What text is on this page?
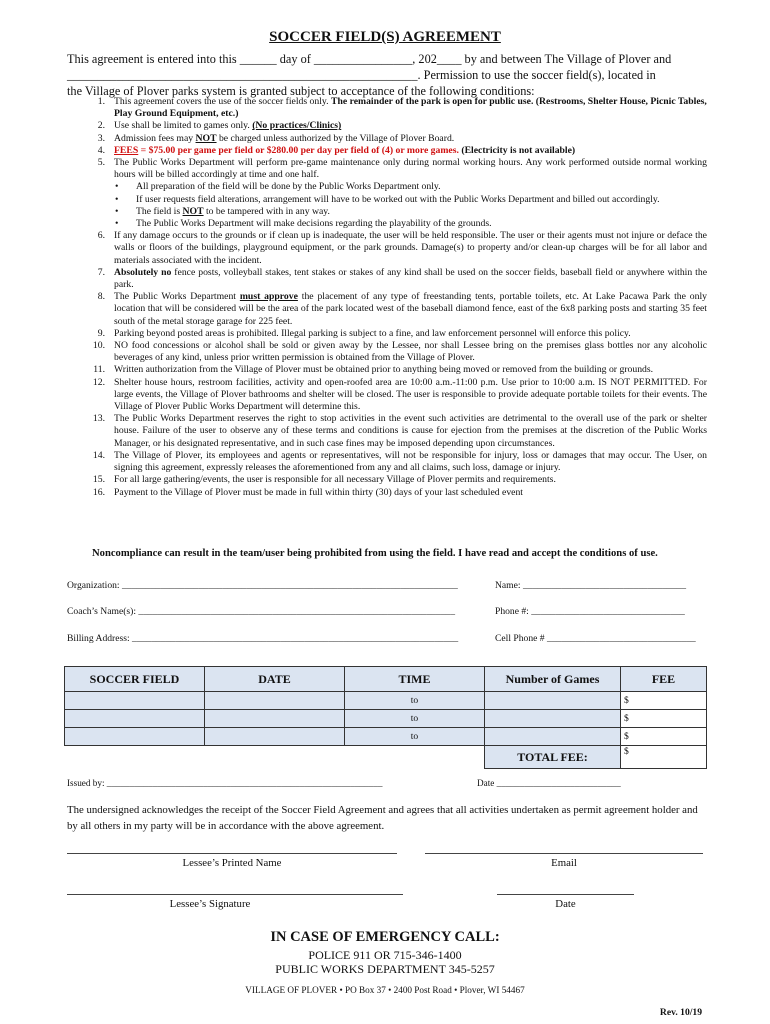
SOCCER FIELD(S) AGREEMENT
This agreement is entered into this ______ day of ________________, 202____ by and between The Village of Plover and
_________________________________________________________. Permission to use the soccer field(s), located in
the Village of Plover parks system is granted subject to acceptance of the following conditions:
1. This agreement covers the use of the soccer fields only. The remainder of the park is open for public use. (Restrooms, Shelter House, Picnic Tables, Play Ground Equipment, etc.)
2. Use shall be limited to games only. (No practices/Clinics)
3. Admission fees may NOT be charged unless authorized by the Village of Plover Board.
4. FEES = $75.00 per game per field or $280.00 per day per field of (4) or more games. (Electricity is not available)
5. The Public Works Department will perform pre-game maintenance only during normal working hours. Any work performed outside normal working hours will be billed accordingly at time and one half.
• All preparation of the field will be done by the Public Works Department only.
• If user requests field alterations, arrangement will have to be worked out with the Public Works Department and billed out accordingly.
• The field is NOT to be tampered with in any way.
• The Public Works Department will make decisions regarding the playability of the grounds.
6. If any damage occurs to the grounds or if clean up is inadequate, the user will be held responsible. The user or their agents must not injure or deface the walls or floors of the buildings, playground equipment, or the park grounds. Damage(s) to property and/or clean-up charges will be for all labor and materials associated with the incident.
7. Absolutely no fence posts, volleyball stakes, tent stakes or stakes of any kind shall be used on the soccer fields, baseball field or anywhere within the park.
8. The Public Works Department must approve the placement of any type of freestanding tents, portable toilets, etc. At Lake Pacawa Park the only location that will be considered will be the area of the park located west of the baseball diamond fence, east of the 6x8 parking posts and starting 35 feet south of the metal storage garage for 225 feet.
9. Parking beyond posted areas is prohibited. Illegal parking is subject to a fine, and law enforcement personnel will enforce this policy.
10. NO food concessions or alcohol shall be sold or given away by the Lessee, nor shall Lessee bring on the premises glass bottles nor any alcoholic beverages of any kind, unless prior written permission is obtained from the Village of Plover.
11. Written authorization from the Village of Plover must be obtained prior to anything being moved or removed from the building or grounds.
12. Shelter house hours, restroom facilities, activity and open-roofed area are 10:00 a.m.-11:00 p.m. Use prior to 10:00 a.m. IS NOT PERMITTED. For large events, the Village of Plover bathrooms and shelter will be closed. The user is responsible to provide adequate portable toilets for their events. The Village of Plover Public Works Department will determine this.
13. The Public Works Department reserves the right to stop activities in the event such activities are detrimental to the overall use of the park or shelter house. Failure of the user to observe any of these terms and conditions is cause for ejection from the premises at the discretion of the Public Works Manager, or his designated representative, and in such case fines may be imposed depending upon circumstances.
14. The Village of Plover, its employees and agents or representatives, will not be responsible for injury, loss or damages that may occur. The User, on signing this agreement, expressly releases the aforementioned from any and all claims, such loss, damage or injury.
15. For all large gathering/events, the user is responsible for all necessary Village of Plover permits and requirements.
16. Payment to the Village of Plover must be made in full within thirty (30) days of your last scheduled event
Noncompliance can result in the team/user being prohibited from using the field. I have read and accept the conditions of use.
Organization: ______________________________________________________________________	Name: __________________________________
Coach’s Name(s): __________________________________________________________________	Phone #: ________________________________
Billing Address: ____________________________________________________________________	Cell Phone # _______________________________
SOCCER FIELD	DATE	TIME	Number of Games	FEE
		to		$
		to		$
		to		$
			TOTAL FEE:	$
Issued by: ____________________________________________________________	Date ___________________________
The undersigned acknowledges the receipt of the Soccer Field Agreement and agrees that all activities undertaken as permit agreement holder and by all others in my party will be in accordance with the above agreement.
Lessee’s Printed Name	Email
Lessee’s Signature	Date
IN CASE OF EMERGENCY CALL:
POLICE 911 OR 715-346-1400
PUBLIC WORKS DEPARTMENT 345-5257
VILLAGE OF PLOVER • PO Box 37 • 2400 Post Road • Plover, WI 54467
Rev. 10/19
